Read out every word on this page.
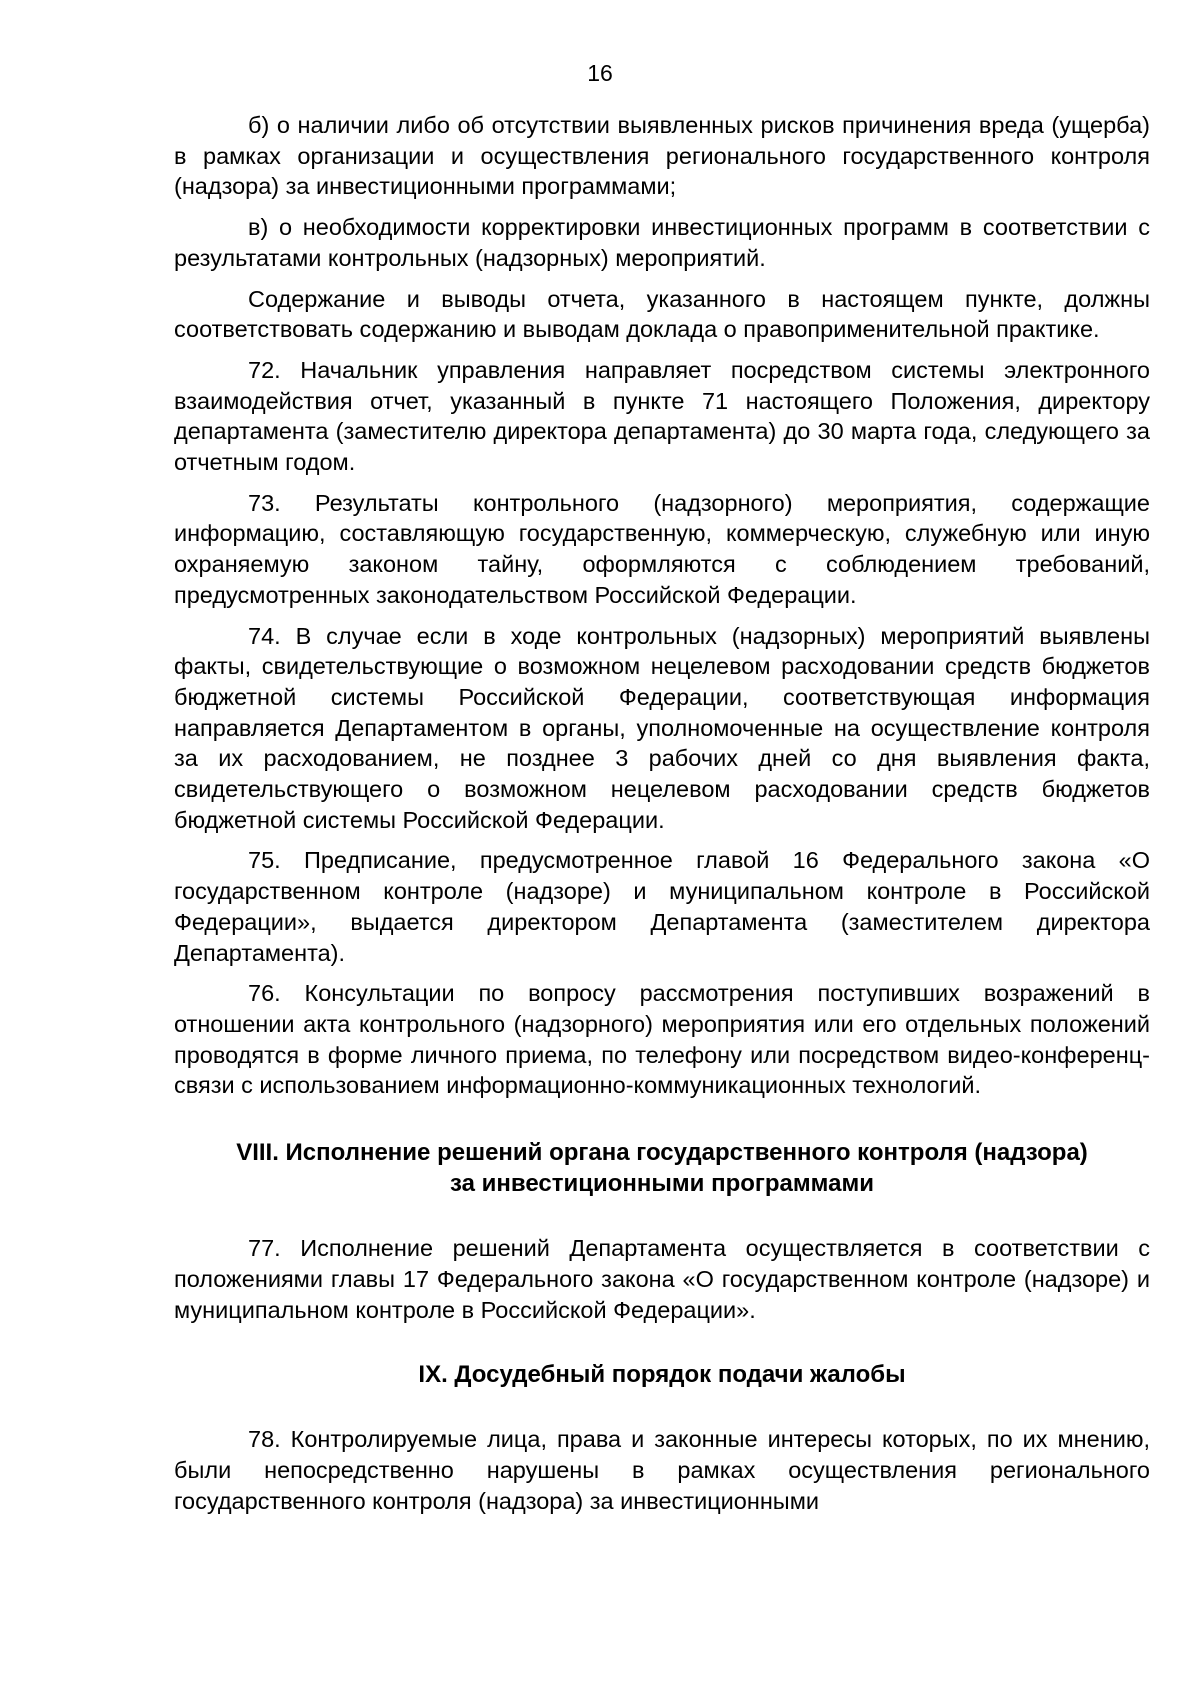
16

б) о наличии либо об отсутствии выявленных рисков причинения вреда (ущерба) в рамках организации и осуществления регионального государственного контроля (надзора) за инвестиционными программами;

в) о необходимости корректировки инвестиционных программ в соответствии с результатами контрольных (надзорных) мероприятий.

Содержание и выводы отчета, указанного в настоящем пункте, должны соответствовать содержанию и выводам доклада о правоприменительной практике.

72. Начальник управления направляет посредством системы электронного взаимодействия отчет, указанный в пункте 71 настоящего Положения, директору департамента (заместителю директора департамента) до 30 марта года, следующего за отчетным годом.

73. Результаты контрольного (надзорного) мероприятия, содержащие информацию, составляющую государственную, коммерческую, служебную или иную охраняемую законом тайну, оформляются с соблюдением требований, предусмотренных законодательством Российской Федерации.

74. В случае если в ходе контрольных (надзорных) мероприятий выявлены факты, свидетельствующие о возможном нецелевом расходовании средств бюджетов бюджетной системы Российской Федерации, соответствующая информация направляется Департаментом в органы, уполномоченные на осуществление контроля за их расходованием, не позднее 3 рабочих дней со дня выявления факта, свидетельствующего о возможном нецелевом расходовании средств бюджетов бюджетной системы Российской Федерации.

75. Предписание, предусмотренное главой 16 Федерального закона «О государственном контроле (надзоре) и муниципальном контроле в Российской Федерации», выдается директором Департамента (заместителем директора Департамента).

76. Консультации по вопросу рассмотрения поступивших возражений в отношении акта контрольного (надзорного) мероприятия или его отдельных положений проводятся в форме личного приема, по телефону или посредством видео-конференц-связи с использованием информационно-коммуникационных технологий.

VIII. Исполнение решений органа государственного контроля (надзора)
за инвестиционными программами

77. Исполнение решений Департамента осуществляется в соответствии с положениями главы 17 Федерального закона «О государственном контроле (надзоре) и муниципальном контроле в Российской Федерации».

IX. Досудебный порядок подачи жалобы

78. Контролируемые лица, права и законные интересы которых, по их мнению, были непосредственно нарушены в рамках осуществления регионального государственного контроля (надзора) за инвестиционными
